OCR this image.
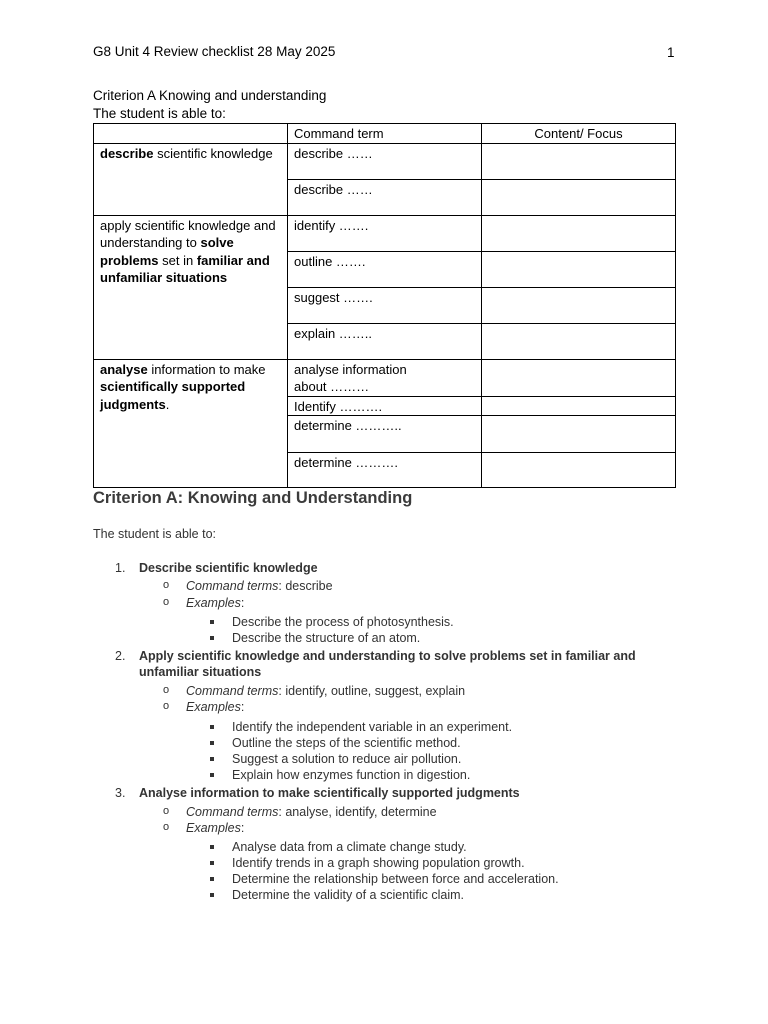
G8 Unit 4 Review checklist 28 May 2025	1
Criterion A Knowing and understanding
The student is able to:
	Command term	Content/ Focus
describe scientific knowledge	describe ……	
	describe ……	
apply scientific knowledge and understanding to solve problems set in familiar and unfamiliar situations	identify …….	
	outline …….	
	suggest …….	
	explain ……..	
analyse information to make scientifically supported judgments.	analyse information
about ………	
	Identify ……….	
	determine ………..	
	determine ……….	
Criterion A: Knowing and Understanding
The student is able to:
1. Describe scientific knowledge
o Command terms: describe
o Examples:
Describe the process of photosynthesis.
Describe the structure of an atom.
2. Apply scientific knowledge and understanding to solve problems set in familiar and
unfamiliar situations
o Command terms: identify, outline, suggest, explain
o Examples:
Identify the independent variable in an experiment.
Outline the steps of the scientific method.
Suggest a solution to reduce air pollution.
Explain how enzymes function in digestion.
3. Analyse information to make scientifically supported judgments
o Command terms: analyse, identify, determine
o Examples:
Analyse data from a climate change study.
Identify trends in a graph showing population growth.
Determine the relationship between force and acceleration.
Determine the validity of a scientific claim.
